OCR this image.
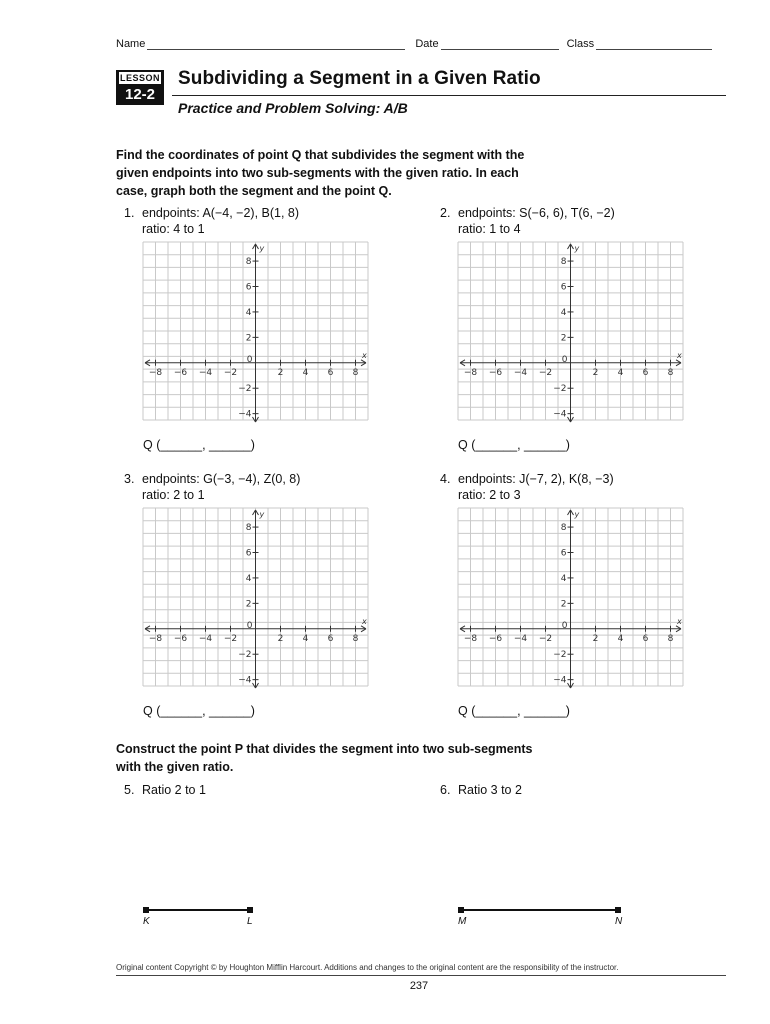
Name	Date	Class
LESSON
12-2
Subdividing a Segment in a Given Ratio
Practice and Problem Solving: A/B
Find the coordinates of point Q that subdivides the segment with the
given endpoints into two sub-segments with the given ratio. In each
case, graph both the segment and the point Q.
1. endpoints: A(−4, −2), B(1, 8)
ratio: 4 to 1
−8 −6 −4 −2
0
2 4 6 8
8
6
4
2
−2
−4
x
y
Q (______, ______)
2. endpoints: S(−6, 6), T(6, −2)
ratio: 1 to 4
−8 −6 −4 −2
0
2 4 6 8
8
6
4
2
−2
−4
x
y
Q (______, ______)
3. endpoints: G(−3, −4), Z(0, 8)
ratio: 2 to 1
−8 −6 −4 −2
0
2 4 6 8
8
6
4
2
−2
−4
x
y
Q (______, ______)
4. endpoints: J(−7, 2), K(8, −3)
ratio: 2 to 3
−8 −6 −4 −2
0
2 4 6 8
8
6
4
2
−2
−4
x
y
Q (______, ______)
Construct the point P that divides the segment into two sub-segments
with the given ratio.
5. Ratio 2 to 1
K	L
6. Ratio 3 to 2
M	N
Original content Copyright © by Houghton Mifflin Harcourt. Additions and changes to the original content are the responsibility of the instructor.
237
